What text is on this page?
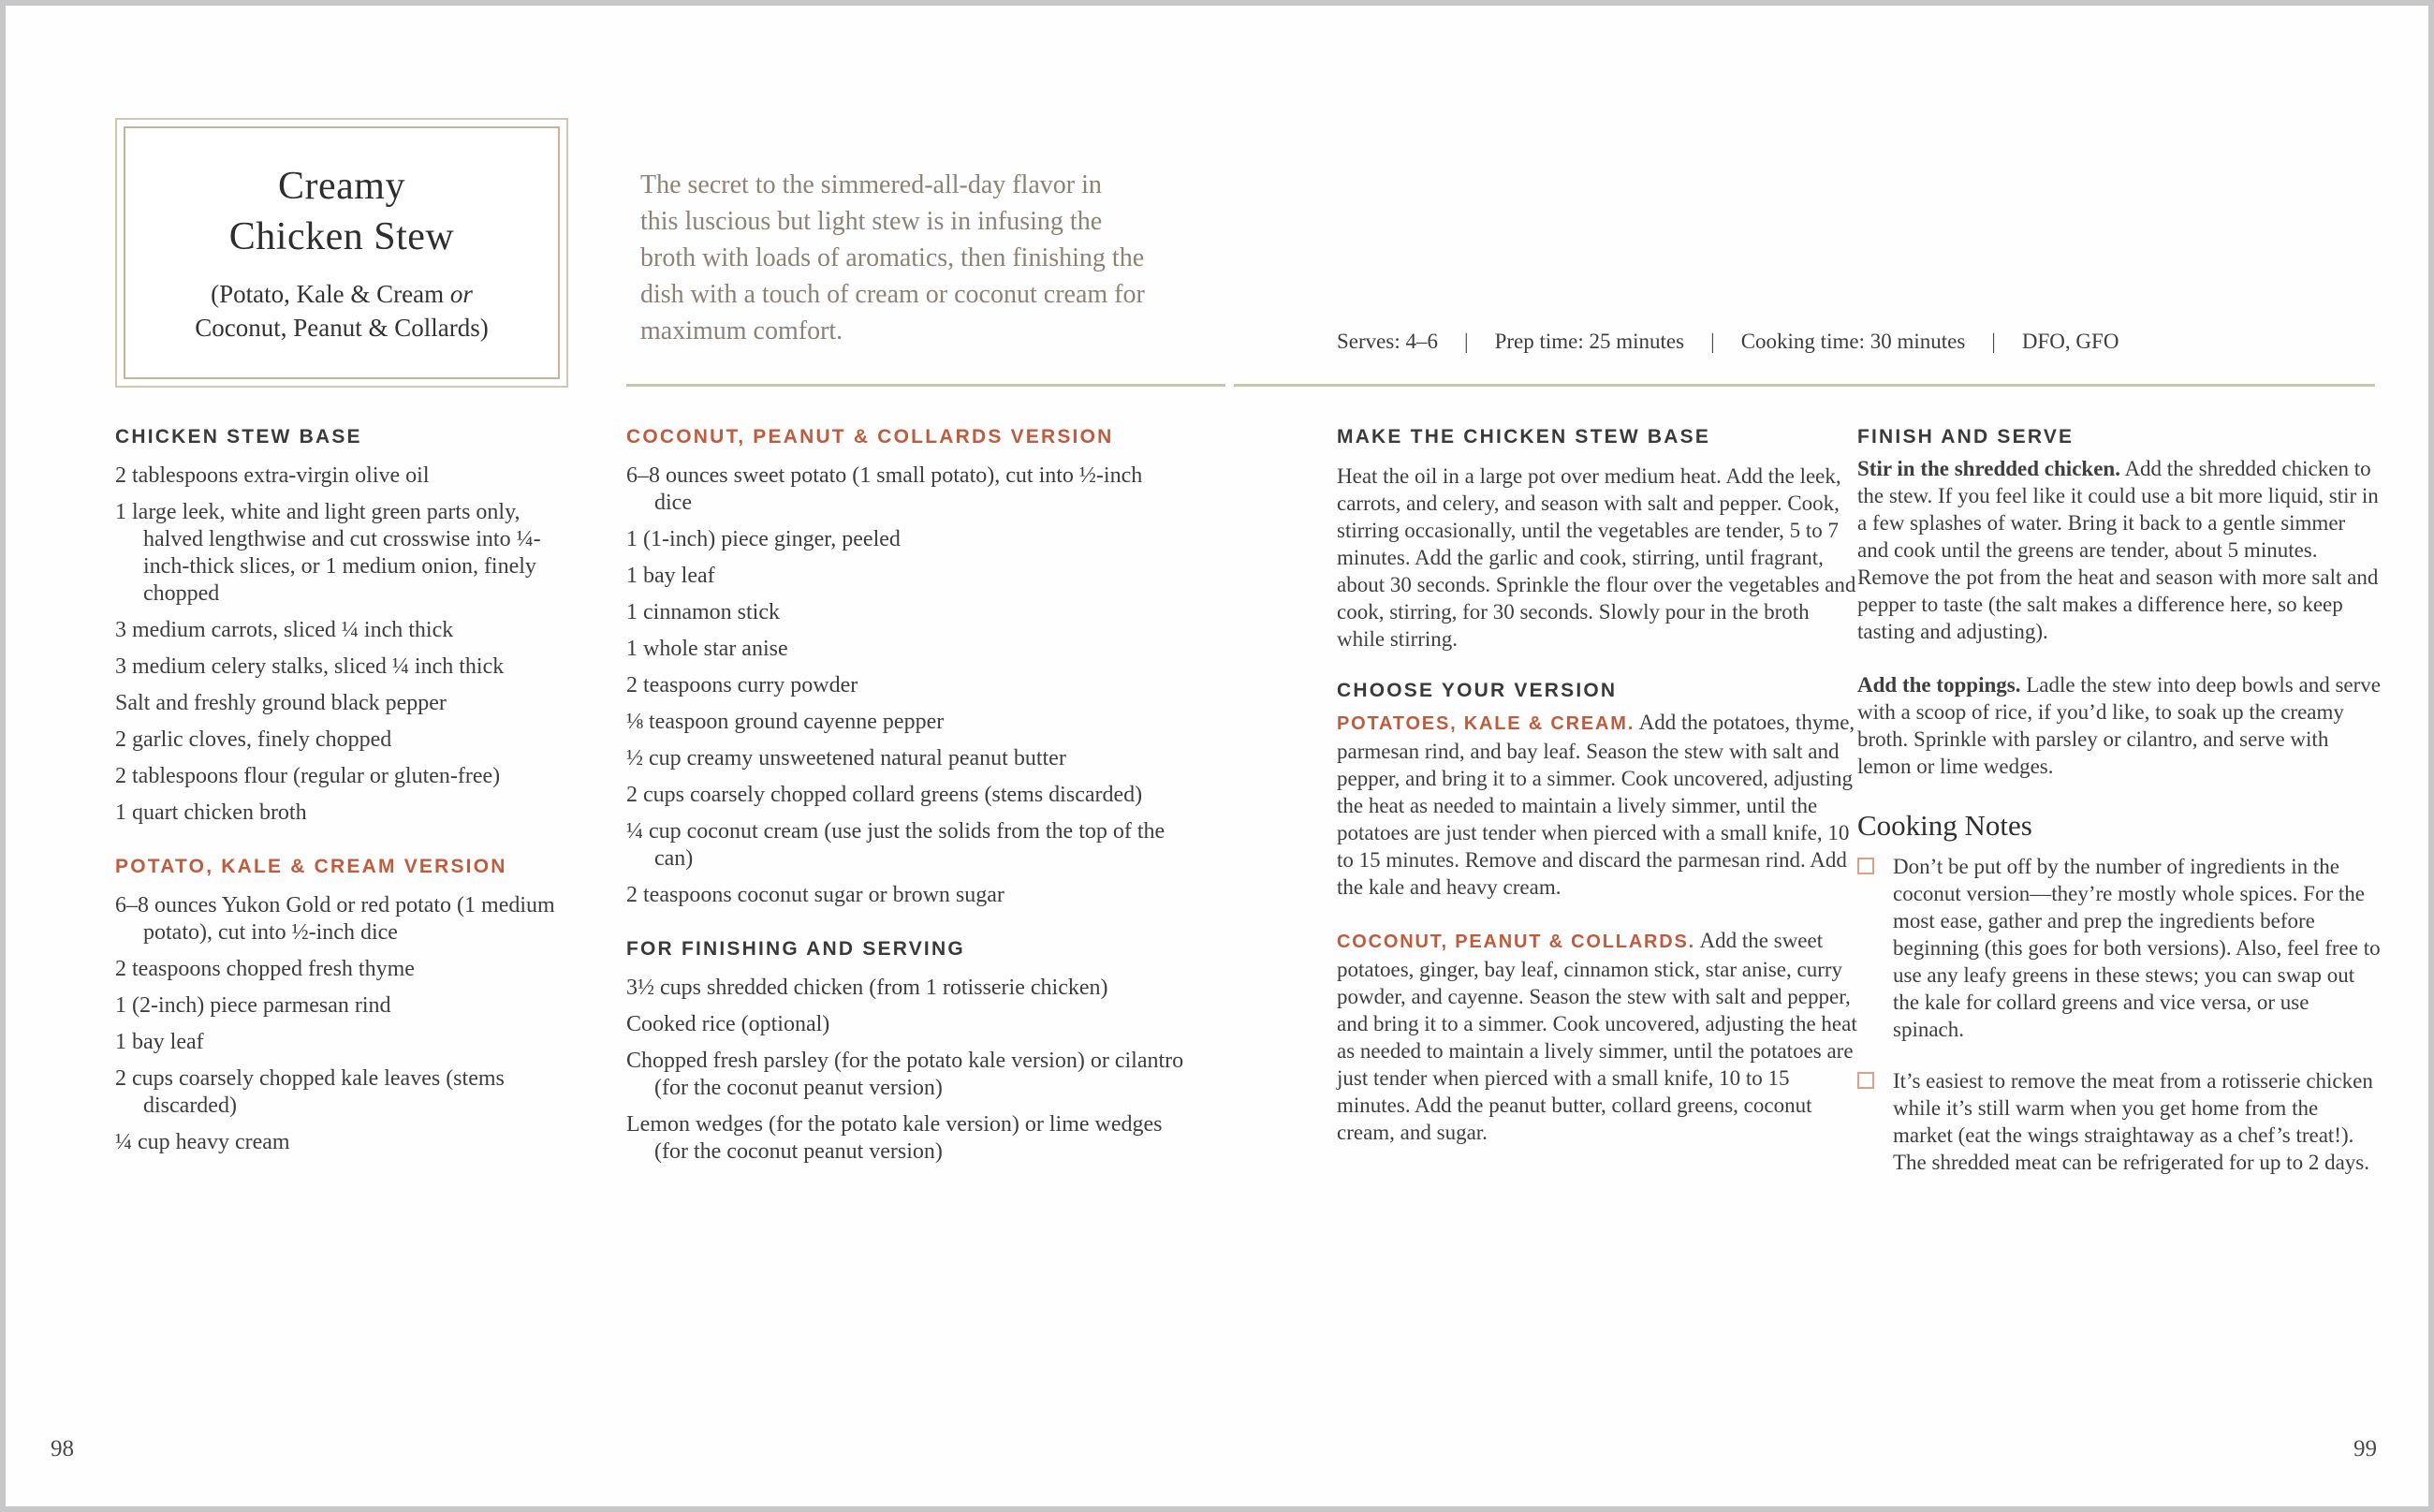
Creamy
Chicken Stew

(Potato, Kale & Cream or
Coconut, Peanut & Collards)

The secret to the simmered-all-day flavor in this luscious but light stew is in infusing the broth with loads of aromatics, then finishing the dish with a touch of cream or coconut cream for maximum comfort.	Serves: 4–6 | Prep time: 25 minutes | Cooking time: 30 minutes | DFO, GFO
CHICKEN STEW BASE
2 tablespoons extra-virgin olive oil
1 large leek, white and light green parts only, halved lengthwise and cut crosswise into ¼-inch-thick slices, or 1 medium onion, finely chopped
3 medium carrots, sliced ¼ inch thick
3 medium celery stalks, sliced ¼ inch thick
Salt and freshly ground black pepper
2 garlic cloves, finely chopped
2 tablespoons flour (regular or gluten-free)
1 quart chicken broth
POTATO, KALE & CREAM VERSION
6–8 ounces Yukon Gold or red potato (1 medium potato), cut into ½-inch dice
2 teaspoons chopped fresh thyme
1 (2-inch) piece parmesan rind
1 bay leaf
2 cups coarsely chopped kale leaves (stems discarded)
¼ cup heavy cream
COCONUT, PEANUT & COLLARDS VERSION
6–8 ounces sweet potato (1 small potato), cut into ½-inch dice
1 (1-inch) piece ginger, peeled
1 bay leaf
1 cinnamon stick
1 whole star anise
2 teaspoons curry powder
⅛ teaspoon ground cayenne pepper
½ cup creamy unsweetened natural peanut butter
2 cups coarsely chopped collard greens (stems discarded)
¼ cup coconut cream (use just the solids from the top of the can)
2 teaspoons coconut sugar or brown sugar
FOR FINISHING AND SERVING
3½ cups shredded chicken (from 1 rotisserie chicken)
Cooked rice (optional)
Chopped fresh parsley (for the potato kale version) or cilantro (for the coconut peanut version)
Lemon wedges (for the potato kale version) or lime wedges (for the coconut peanut version)
MAKE THE CHICKEN STEW BASE

Heat the oil in a large pot over medium heat. Add the leek, carrots, and celery, and season with salt and pepper. Cook, stirring occasionally, until the vegetables are tender, 5 to 7 minutes. Add the garlic and cook, stirring, until fragrant, about 30 seconds. Sprinkle the flour over the vegetables and cook, stirring, for 30 seconds. Slowly pour in the broth while stirring.

CHOOSE YOUR VERSION

POTATOES, KALE & CREAM. Add the potatoes, thyme, parmesan rind, and bay leaf. Season the stew with salt and pepper, and bring it to a simmer. Cook uncovered, adjusting the heat as needed to maintain a lively simmer, until the potatoes are just tender when pierced with a small knife, 10 to 15 minutes. Remove and discard the parmesan rind. Add the kale and heavy cream.

COCONUT, PEANUT & COLLARDS. Add the sweet potatoes, ginger, bay leaf, cinnamon stick, star anise, curry powder, and cayenne. Season the stew with salt and pepper, and bring it to a simmer. Cook uncovered, adjusting the heat as needed to maintain a lively simmer, until the potatoes are just tender when pierced with a small knife, 10 to 15 minutes. Add the peanut butter, collard greens, coconut cream, and sugar.

FINISH AND SERVE

Stir in the shredded chicken. Add the shredded chicken to the stew. If you feel like it could use a bit more liquid, stir in a few splashes of water. Bring it back to a gentle simmer and cook until the greens are tender, about 5 minutes. Remove the pot from the heat and season with more salt and pepper to taste (the salt makes a difference here, so keep tasting and adjusting).

Add the toppings. Ladle the stew into deep bowls and serve with a scoop of rice, if you’d like, to soak up the creamy broth. Sprinkle with parsley or cilantro, and serve with lemon or lime wedges.

Cooking Notes
Don’t be put off by the number of ingredients in the coconut version—they’re mostly whole spices. For the most ease, gather and prep the ingredients before beginning (this goes for both versions). Also, feel free to use any leafy greens in these stews; you can swap out the kale for collard greens and vice versa, or use spinach.
It’s easiest to remove the meat from a rotisserie chicken while it’s still warm when you get home from the market (eat the wings straightaway as a chef’s treat!). The shredded meat can be refrigerated for up to 2 days.
98	99
